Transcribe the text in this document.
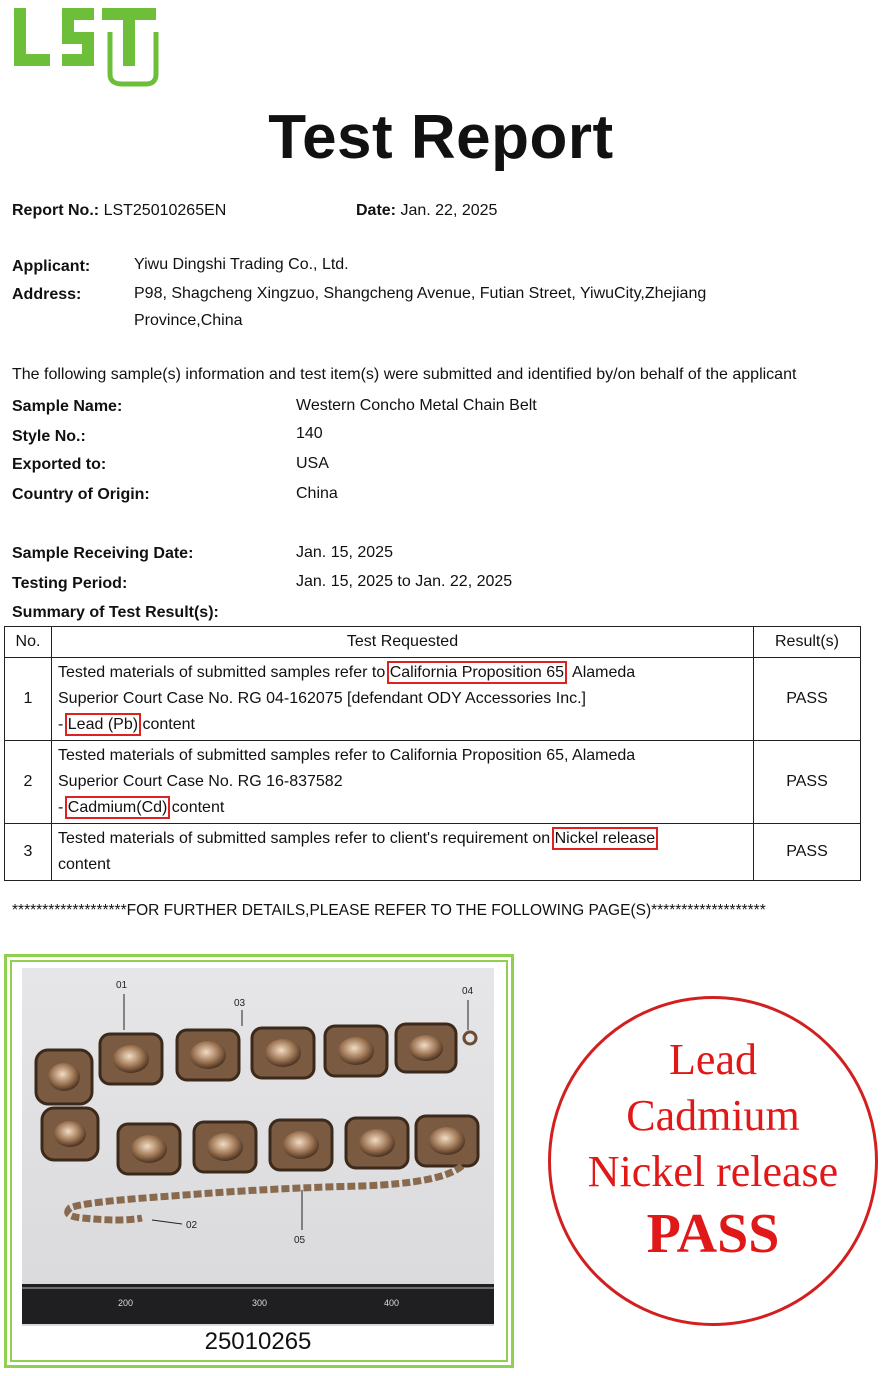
Test Report
Report No.: LST25010265EN	Date: Jan. 22, 2025
Applicant:	Yiwu Dingshi Trading Co., Ltd.
Address:	P98, Shagcheng Xingzuo, Shangcheng Avenue, Futian Street, YiwuCity,Zhejiang
Province,China
The following sample(s) information and test item(s) were submitted and identified by/on behalf of the applicant
Sample Name:	Western Concho Metal Chain Belt
Style No.:	140
Exported to:	USA
Country of Origin:	China
Sample Receiving Date:	Jan. 15, 2025
Testing Period:	Jan. 15, 2025 to Jan. 22, 2025
Summary of Test Result(s):
No.	Test Requested	Result(s)
1	Tested materials of submitted samples refer to California Proposition 65, Alameda
Superior Court Case No. RG 04-162075 [defendant ODY Accessories Inc.]
- Lead (Pb) content	PASS
2	Tested materials of submitted samples refer to California Proposition 65, Alameda
Superior Court Case No. RG 16-837582
- Cadmium(Cd) content	PASS
3	Tested materials of submitted samples refer to client's requirement on Nickel release
content	PASS
*******************FOR FURTHER DETAILS,PLEASE REFER TO THE FOLLOWING PAGE(S)*******************
01
02
03
04
05
200	300	400
25010265
Lead
Cadmium
Nickel release
PASS
